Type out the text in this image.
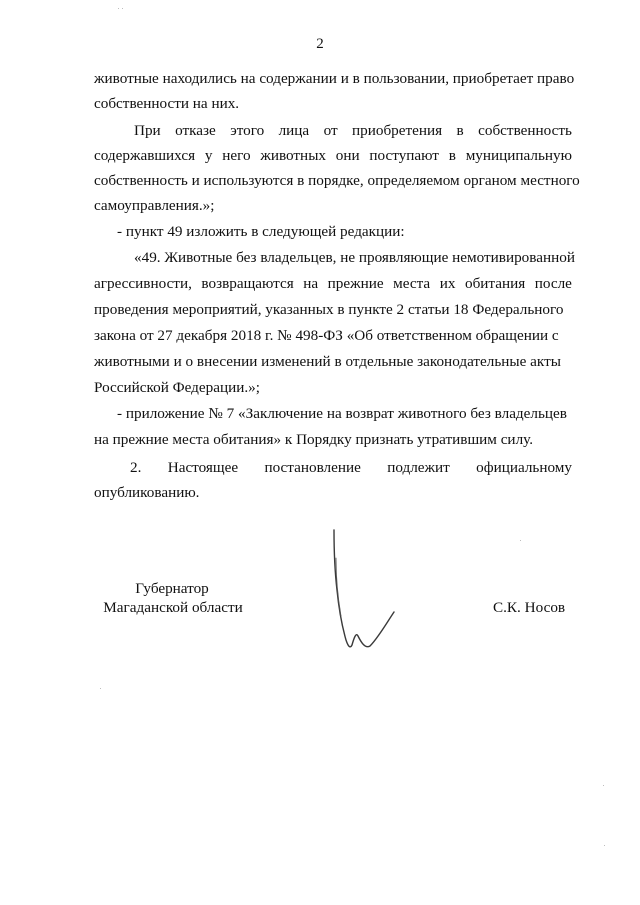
2
животные находились на содержании и в пользовании, приобретает право
собственности на них.
При отказе этого лица от приобретения в собственность
содержавшихся у него животных они поступают в муниципальную
собственность и используются в порядке, определяемом органом местного
самоуправления.»;
- пункт 49 изложить в следующей редакции:
«49. Животные без владельцев, не проявляющие немотивированной
агрессивности, возвращаются на прежние места их обитания после
проведения мероприятий, указанных в пункте 2 статьи 18 Федерального
закона от 27 декабря 2018 г. № 498-ФЗ «Об ответственном обращении с
животными и о внесении изменений в отдельные законодательные акты
Российской Федерации.»;
- приложение № 7 «Заключение на возврат животного без владельцев
на прежние места обитания» к Порядку признать утратившим силу.
2. Настоящее постановление подлежит официальному
опубликованию.
Губернатор
Магаданской области	С.К. Носов
